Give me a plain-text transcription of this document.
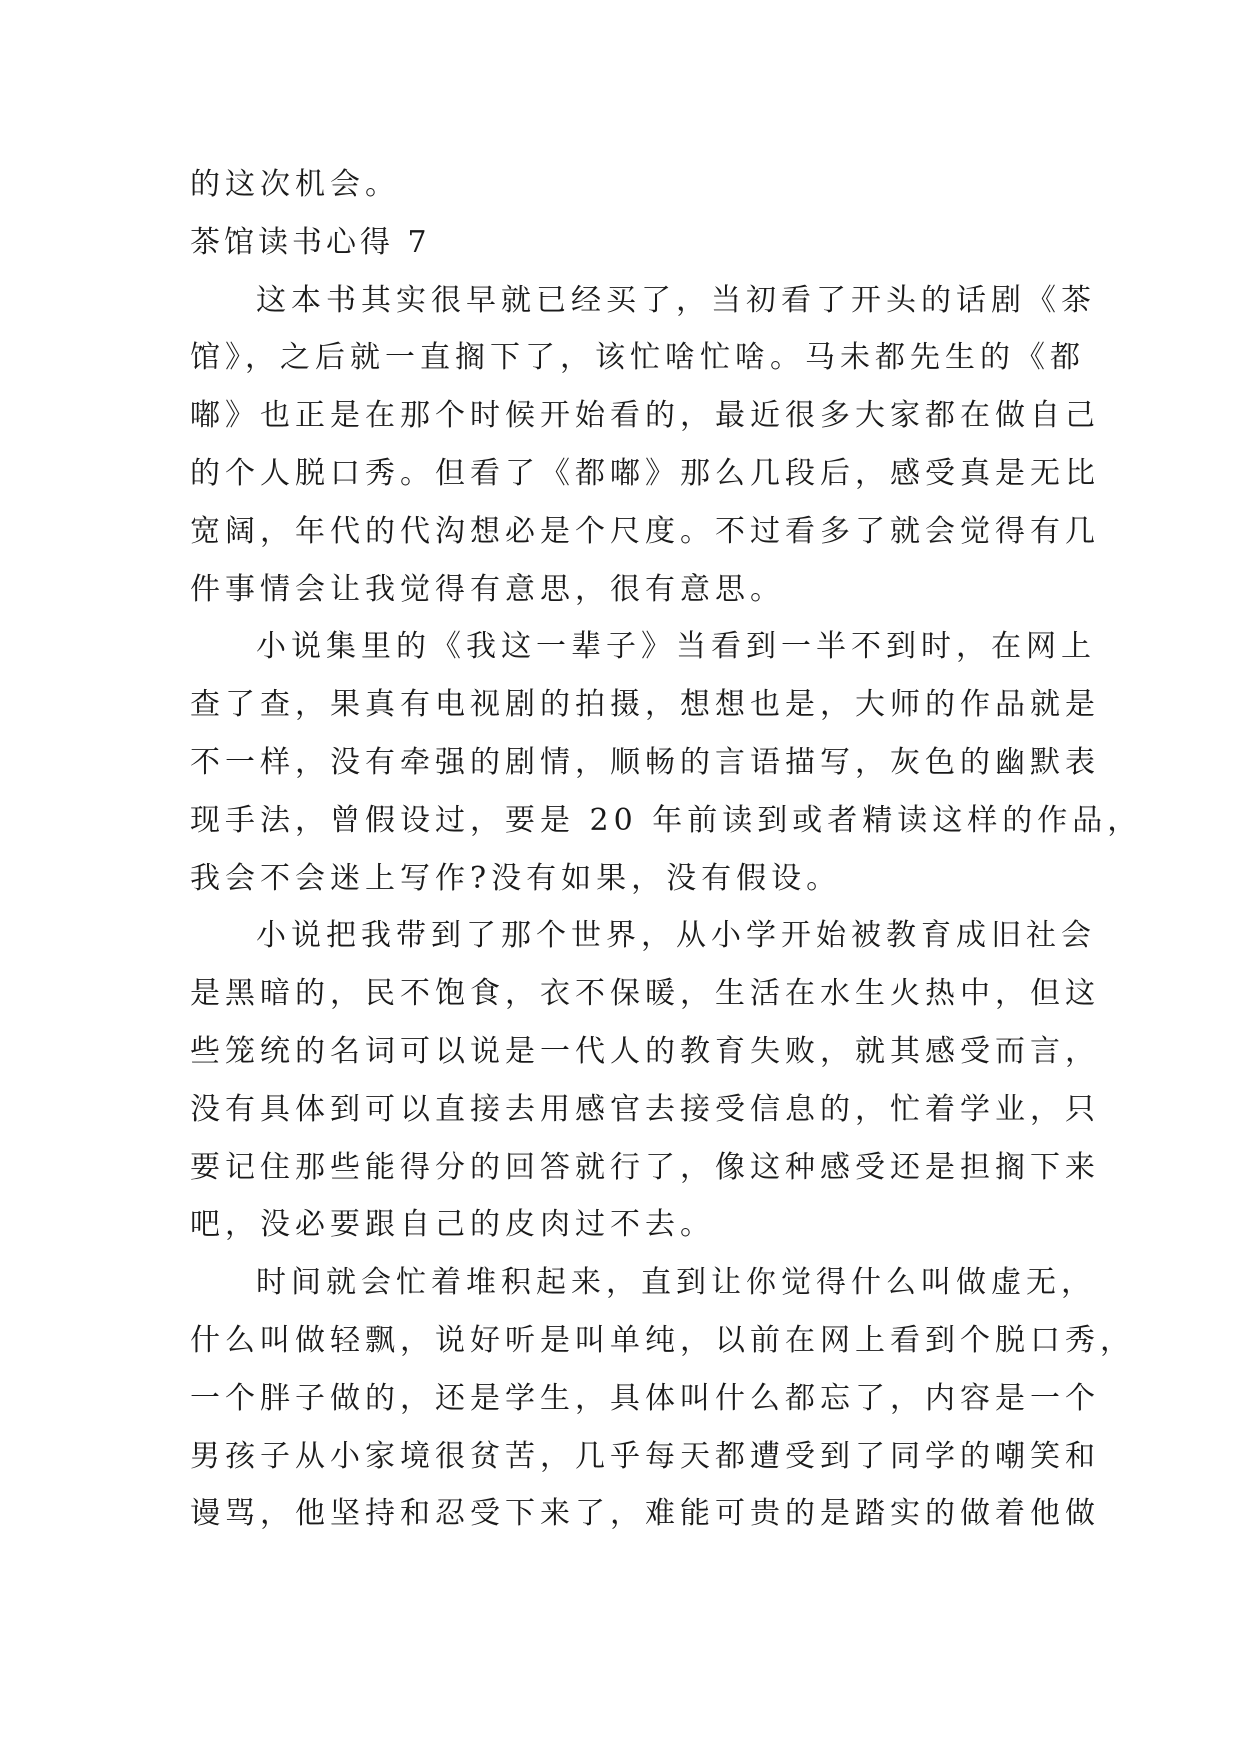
的这次机会。
茶馆读书心得 7
这本书其实很早就已经买了，当初看了开头的话剧《茶
馆》，之后就一直搁下了，该忙啥忙啥。马未都先生的《都
嘟》也正是在那个时候开始看的，最近很多大家都在做自己
的个人脱口秀。但看了《都嘟》那么几段后，感受真是无比
宽阔，年代的代沟想必是个尺度。不过看多了就会觉得有几
件事情会让我觉得有意思，很有意思。
小说集里的《我这一辈子》当看到一半不到时，在网上
查了查，果真有电视剧的拍摄，想想也是，大师的作品就是
不一样，没有牵强的剧情，顺畅的言语描写，灰色的幽默表
现手法，曾假设过，要是 20 年前读到或者精读这样的作品，
我会不会迷上写作?没有如果，没有假设。
小说把我带到了那个世界，从小学开始被教育成旧社会
是黑暗的，民不饱食，衣不保暖，生活在水生火热中，但这
些笼统的名词可以说是一代人的教育失败，就其感受而言，
没有具体到可以直接去用感官去接受信息的，忙着学业，只
要记住那些能得分的回答就行了，像这种感受还是担搁下来
吧，没必要跟自己的皮肉过不去。
时间就会忙着堆积起来，直到让你觉得什么叫做虚无，
什么叫做轻飘，说好听是叫单纯，以前在网上看到个脱口秀，
一个胖子做的，还是学生，具体叫什么都忘了，内容是一个
男孩子从小家境很贫苦，几乎每天都遭受到了同学的嘲笑和
谩骂，他坚持和忍受下来了，难能可贵的是踏实的做着他做
